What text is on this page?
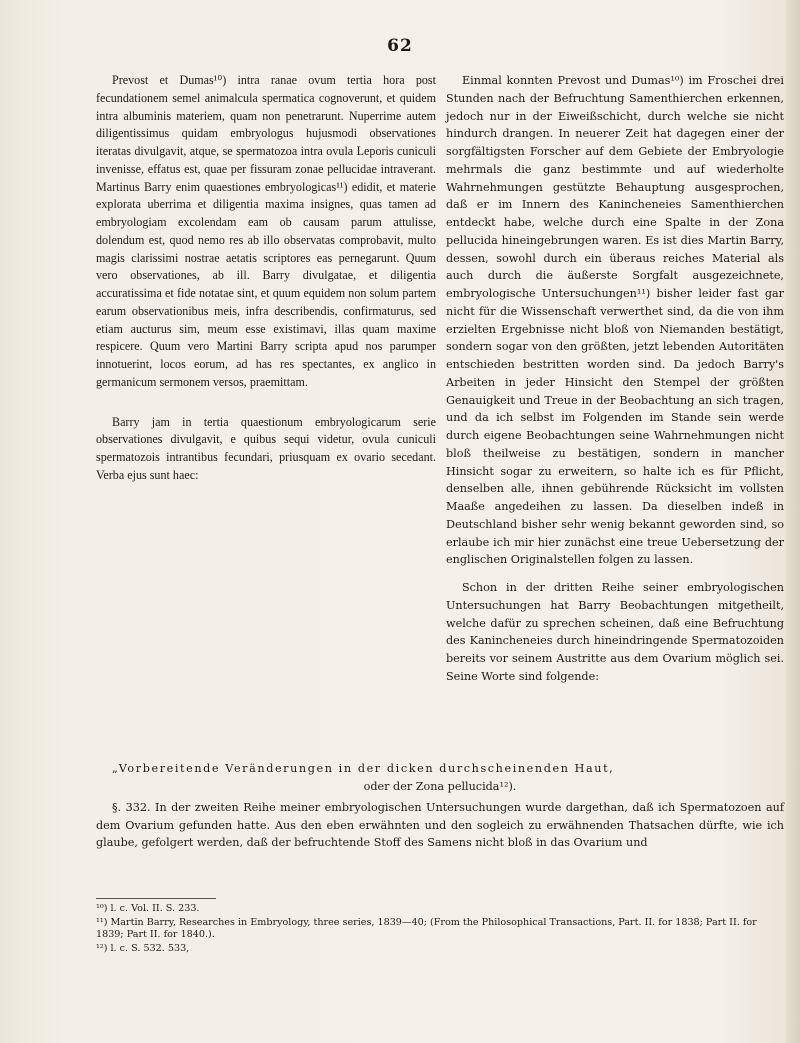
62

Prevost et Dumas¹⁰) intra ranae ovum tertia hora post fecundationem semel animalcula spermatica cognoverunt, et quidem intra albuminis materiem, quam non penetrarunt. Nuperrime autem diligentissimus quidam embryologus hujusmodi observationes iteratas divulgavit, atque, se spermatozoa intra ovula Leporis cuniculi invenisse, effatus est, quae per fissuram zonae pellucidae intraverant. Martinus Barry enim quaestiones embryologicas¹¹) edidit, et materie explorata uberrima et diligentia maxima insignes, quas tamen ad embryologiam excolendam eam ob causam parum attulisse, dolendum est, quod nemo res ab illo observatas comprobavit, multo magis clarissimi nostrae aetatis scriptores eas pernegarunt. Quum vero observationes, ab ill. Barry divulgatae, et diligentia accuratissima et fide notatae sint, et quum equidem non solum partem earum observationibus meis, infra describendis, confirmaturus, sed etiam aucturus sim, meum esse existimavi, illas quam maxime respicere. Quum vero Martini Barry scripta apud nos parumper innotuerint, locos eorum, ad has res spectantes, ex anglico in germanicum sermonem versos, praemittam.

Barry jam in tertia quaestionum embryologicarum serie observationes divulgavit, e quibus sequi videtur, ovula cuniculi spermatozois intrantibus fecundari, priusquam ex ovario secedant. Verba ejus sunt haec:

Einmal konnten Prevost und Dumas¹⁰) im Froschei drei Stunden nach der Befruchtung Samenthierchen erkennen, jedoch nur in der Eiweißschicht, durch welche sie nicht hindurch drangen. In neuerer Zeit hat dagegen einer der sorgfältigsten Forscher auf dem Gebiete der Embryologie mehrmals die ganz bestimmte und auf wiederholte Wahrnehmungen gestützte Behauptung ausgesprochen, daß er im Innern des Kanincheneies Samenthierchen entdeckt habe, welche durch eine Spalte in der Zona pellucida hineingebrungen waren. Es ist dies Martin Barry, dessen, sowohl durch ein überaus reiches Material als auch durch die äußerste Sorgfalt ausgezeichnete, embryologische Untersuchungen¹¹) bisher leider fast gar nicht für die Wissenschaft verwerthet sind, da die von ihm erzielten Ergebnisse nicht bloß von Niemanden bestätigt, sondern sogar von den größten, jetzt lebenden Autoritäten entschieden bestritten worden sind. Da jedoch Barry's Arbeiten in jeder Hinsicht den Stempel der größten Genauigkeit und Treue in der Beobachtung an sich tragen, und da ich selbst im Folgenden im Stande sein werde durch eigene Beobachtungen seine Wahrnehmungen nicht bloß theilweise zu bestätigen, sondern in mancher Hinsicht sogar zu erweitern, so halte ich es für Pflicht, denselben alle, ihnen gebührende Rücksicht im vollsten Maaße angedeihen zu lassen. Da dieselben indeß in Deutschland bisher sehr wenig bekannt geworden sind, so erlaube ich mir hier zunächst eine treue Uebersetzung der englischen Originalstellen folgen zu lassen.

Schon in der dritten Reihe seiner embryologischen Untersuchungen hat Barry Beobachtungen mitgetheilt, welche dafür zu sprechen scheinen, daß eine Befruchtung des Kanincheneies durch hineindringende Spermatozoiden bereits vor seinem Austritte aus dem Ovarium möglich sei. Seine Worte sind folgende:

„Vorbereitende Veränderungen in der dicken durchscheinenden Haut,
oder der Zona pellucida¹²).
§. 332. In der zweiten Reihe meiner embryologischen Untersuchungen wurde dargethan, daß ich Spermatozoen auf dem Ovarium gefunden hatte. Aus den eben erwähnten und den sogleich zu erwähnenden Thatsachen dürfte, wie ich glaube, gefolgert werden, daß der befruchtende Stoff des Samens nicht bloß in das Ovarium und
¹⁰) l. c. Vol. II. S. 233.
¹¹) Martin Barry, Researches in Embryology, three series, 1839—40; (From the Philosophical Transactions, Part. II. for 1838; Part II. for 1839; Part II. for 1840.).
¹²) l. c. S. 532. 533,
